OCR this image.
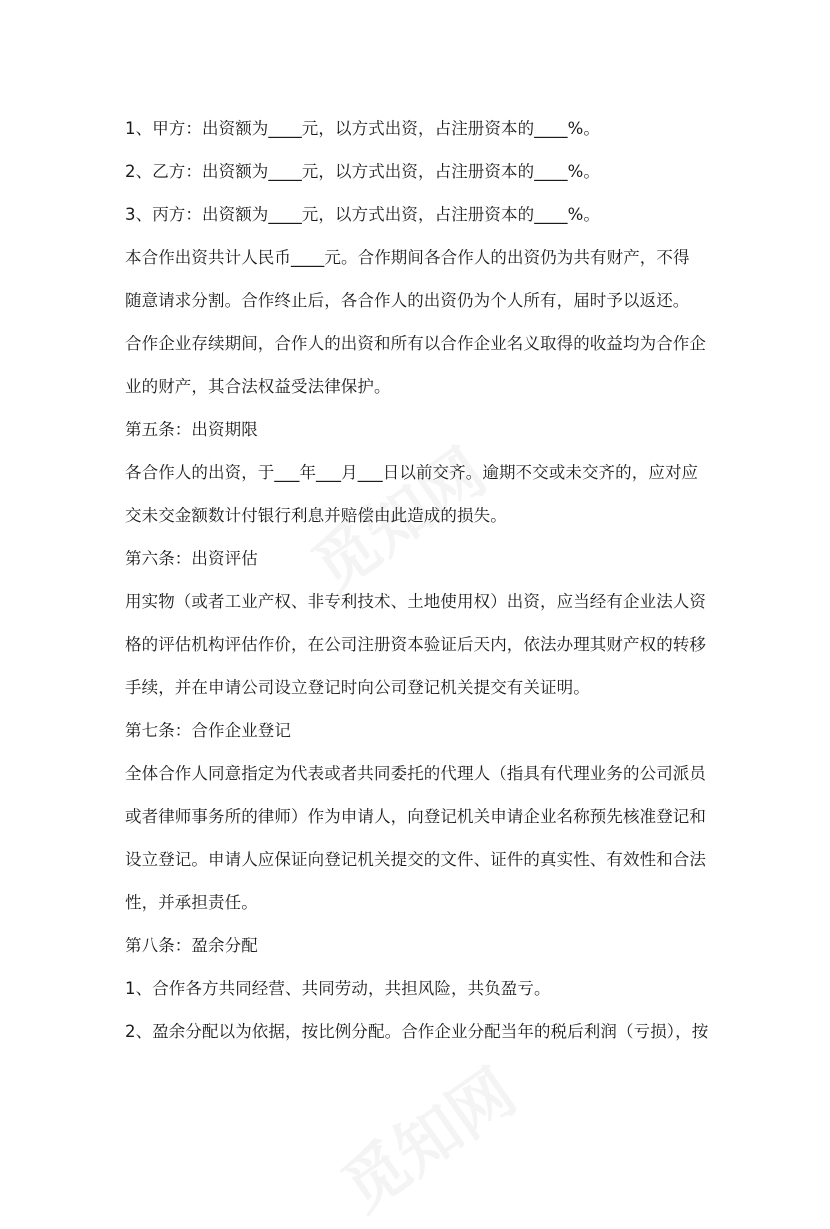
1、甲方：出资额为____元，以方式出资，占注册资本的____%。
2、乙方：出资额为____元，以方式出资，占注册资本的____%。
3、丙方：出资额为____元，以方式出资，占注册资本的____%。
本合作出资共计人民币____元。合作期间各合作人的出资仍为共有财产，不得
随意请求分割。合作终止后，各合作人的出资仍为个人所有，届时予以返还。
合作企业存续期间，合作人的出资和所有以合作企业名义取得的收益均为合作企
业的财产，其合法权益受法律保护。
第五条：出资期限
各合作人的出资，于___年___月___日以前交齐。逾期不交或未交齐的，应对应
交未交金额数计付银行利息并赔偿由此造成的损失。
第六条：出资评估
用实物（或者工业产权、非专利技术、土地使用权）出资，应当经有企业法人资
格的评估机构评估作价，在公司注册资本验证后天内，依法办理其财产权的转移
手续，并在申请公司设立登记时向公司登记机关提交有关证明。
第七条：合作企业登记
全体合作人同意指定为代表或者共同委托的代理人（指具有代理业务的公司派员
或者律师事务所的律师）作为申请人，向登记机关申请企业名称预先核准登记和
设立登记。申请人应保证向登记机关提交的文件、证件的真实性、有效性和合法
性，并承担责任。
第八条：盈余分配
1、合作各方共同经营、共同劳动，共担风险，共负盈亏。
2、盈余分配以为依据，按比例分配。合作企业分配当年的税后利润（亏损），按
